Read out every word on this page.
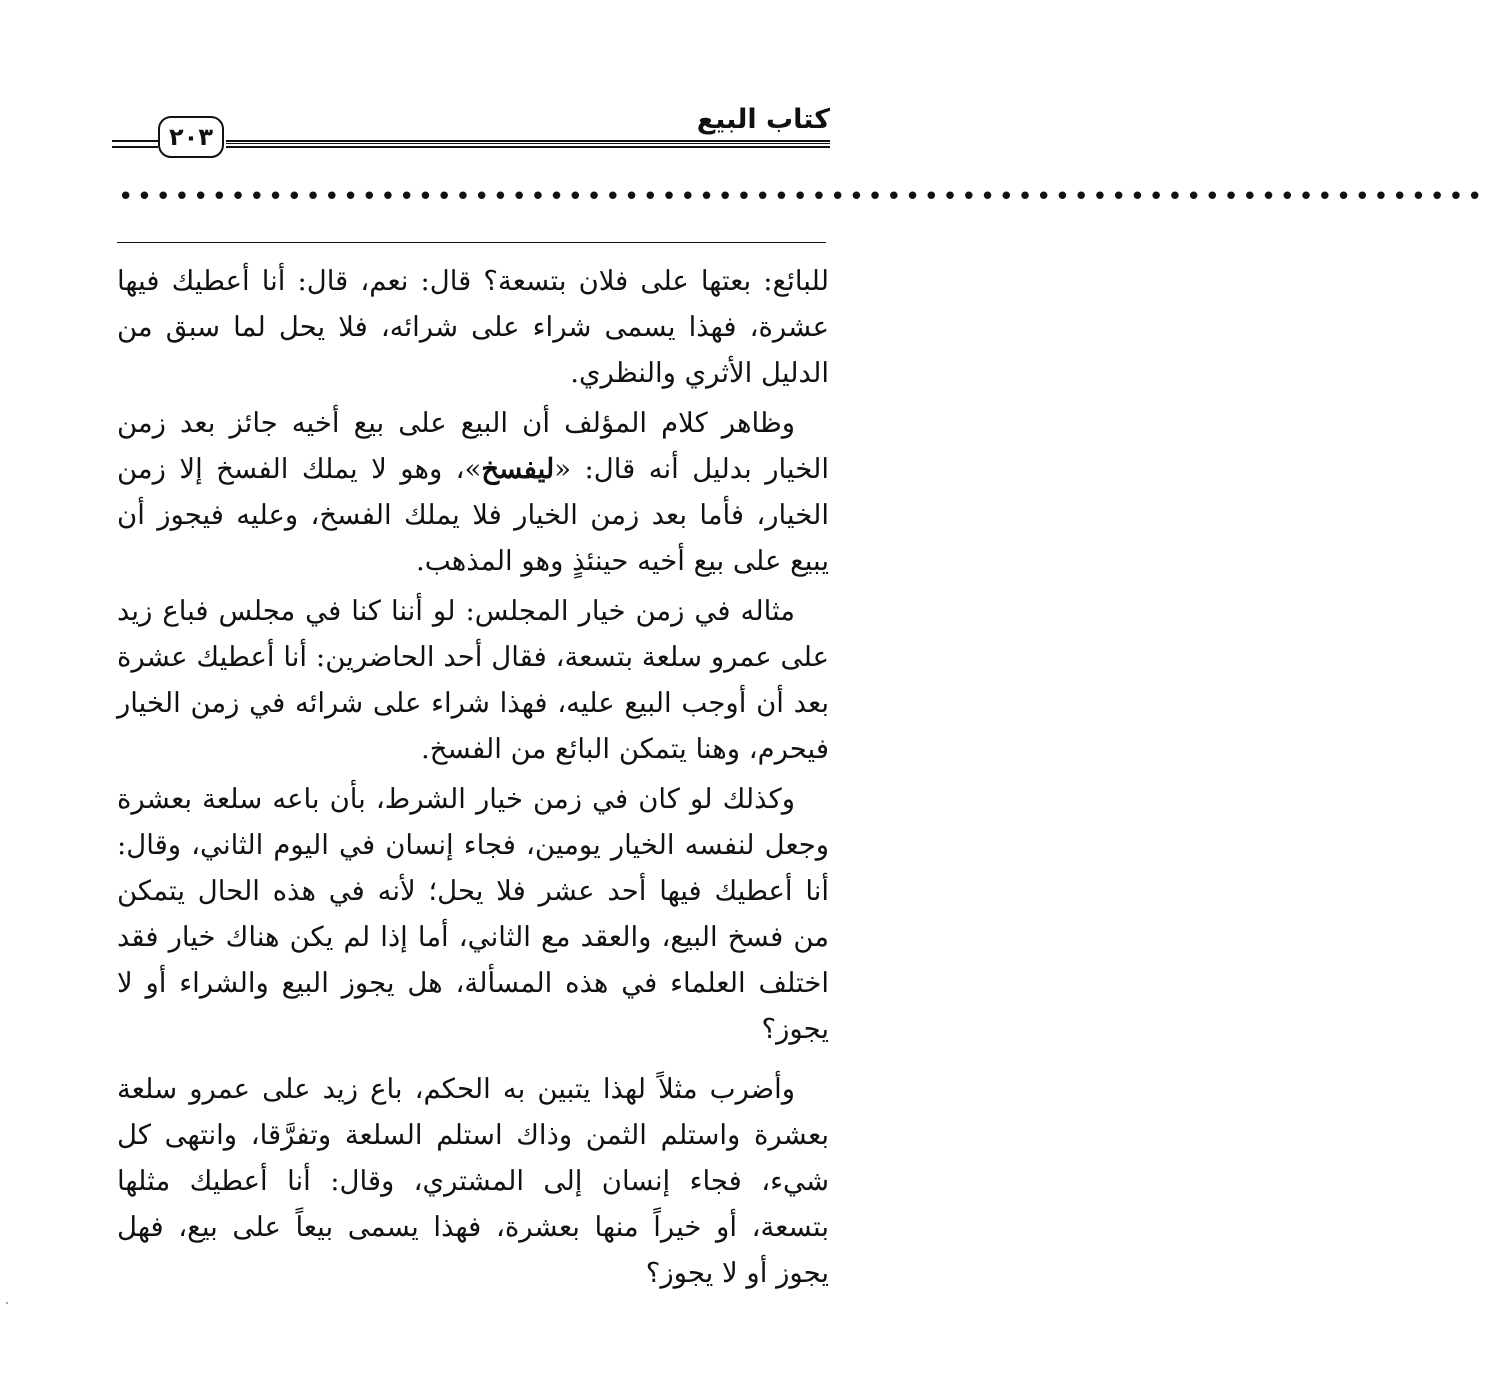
كتاب البيع
٢٠٣
•••••••••••••••••••••••••••••••••••••••••••••••••••••••••••••••••••••••••

للبائع: بعتها على فلان بتسعة؟ قال: نعم، قال: أنا أعطيك فيها عشرة، فهذا يسمى شراء على شرائه، فلا يحل لما سبق من الدليل الأثري والنظري.

وظاهر كلام المؤلف أن البيع على بيع أخيه جائز بعد زمن الخيار بدليل أنه قال: «ليفسخ»، وهو لا يملك الفسخ إلا زمن الخيار، فأما بعد زمن الخيار فلا يملك الفسخ، وعليه فيجوز أن يبيع على بيع أخيه حينئذٍ وهو المذهب.

مثاله في زمن خيار المجلس: لو أننا كنا في مجلس فباع زيد على عمرو سلعة بتسعة، فقال أحد الحاضرين: أنا أعطيك عشرة بعد أن أوجب البيع عليه، فهذا شراء على شرائه في زمن الخيار فيحرم، وهنا يتمكن البائع من الفسخ.

وكذلك لو كان في زمن خيار الشرط، بأن باعه سلعة بعشرة وجعل لنفسه الخيار يومين، فجاء إنسان في اليوم الثاني، وقال: أنا أعطيك فيها أحد عشر فلا يحل؛ لأنه في هذه الحال يتمكن من فسخ البيع، والعقد مع الثاني، أما إذا لم يكن هناك خيار فقد اختلف العلماء في هذه المسألة، هل يجوز البيع والشراء أو لا يجوز؟

وأضرب مثلاً لهذا يتبين به الحكم، باع زيد على عمرو سلعة بعشرة واستلم الثمن وذاك استلم السلعة وتفرَّقا، وانتهى كل شيء، فجاء إنسان إلى المشتري، وقال: أنا أعطيك مثلها بتسعة، أو خيراً منها بعشرة، فهذا يسمى بيعاً على بيع، فهل يجوز أو لا يجوز؟
